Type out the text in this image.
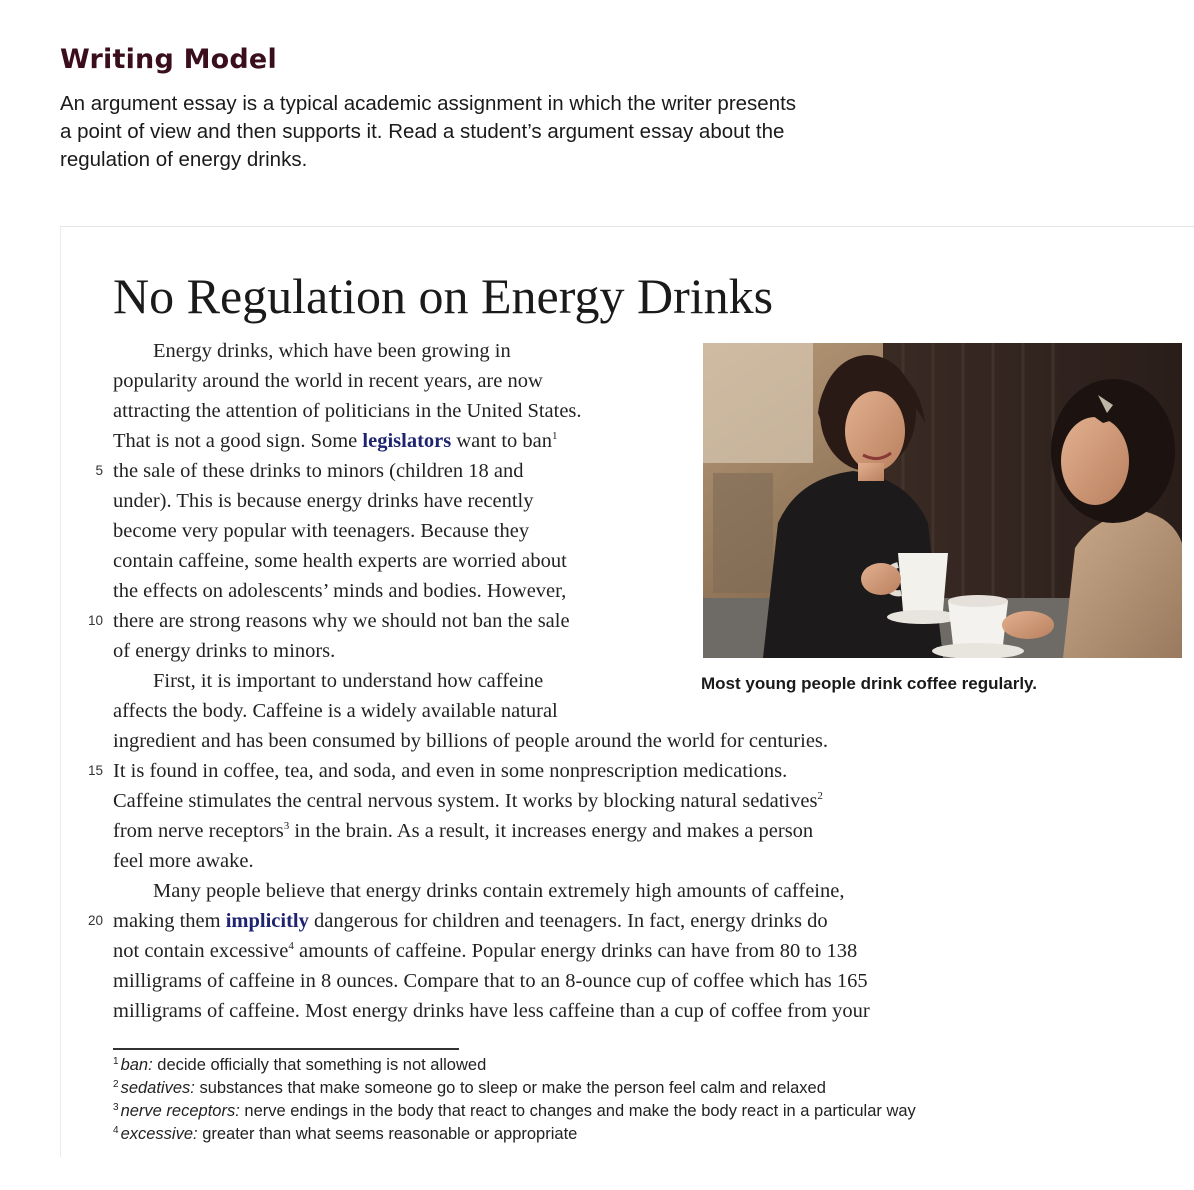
Writing Model
An argument essay is a typical academic assignment in which the writer presents
a point of view and then supports it. Read a student’s argument essay about the
regulation of energy drinks.
No Regulation on Energy Drinks
Energy drinks, which have been growing in
popularity around the world in recent years, are now
attracting the attention of politicians in the United States.
That is not a good sign. Some legislators want to ban$^1$
5 the sale of these drinks to minors (children 18 and
under). This is because energy drinks have recently
become very popular with teenagers. Because they
contain caffeine, some health experts are worried about
the effects on adolescents’ minds and bodies. However,
10 there are strong reasons why we should not ban the sale
of energy drinks to minors.
First, it is important to understand how caffeine
affects the body. Caffeine is a widely available natural
ingredient and has been consumed by billions of people around the world for centuries.
15 It is found in coffee, tea, and soda, and even in some nonprescription medications.
Caffeine stimulates the central nervous system. It works by blocking natural sedatives$^2$
from nerve receptors$^3$ in the brain. As a result, it increases energy and makes a person
feel more awake.
Many people believe that energy drinks contain extremely high amounts of caffeine,
20 making them implicitly dangerous for children and teenagers. In fact, energy drinks do
not contain excessive$^4$ amounts of caffeine. Popular energy drinks can have from 80 to 138
milligrams of caffeine in 8 ounces. Compare that to an 8-ounce cup of coffee which has 165
milligrams of caffeine. Most energy drinks have less caffeine than a cup of coffee from your
Most young people drink coffee regularly.
$^1$ ban: decide officially that something is not allowed
$^2$ sedatives: substances that make someone go to sleep or make the person feel calm and relaxed
$^3$ nerve receptors: nerve endings in the body that react to changes and make the body react in a particular way
$^4$ excessive: greater than what seems reasonable or appropriate
